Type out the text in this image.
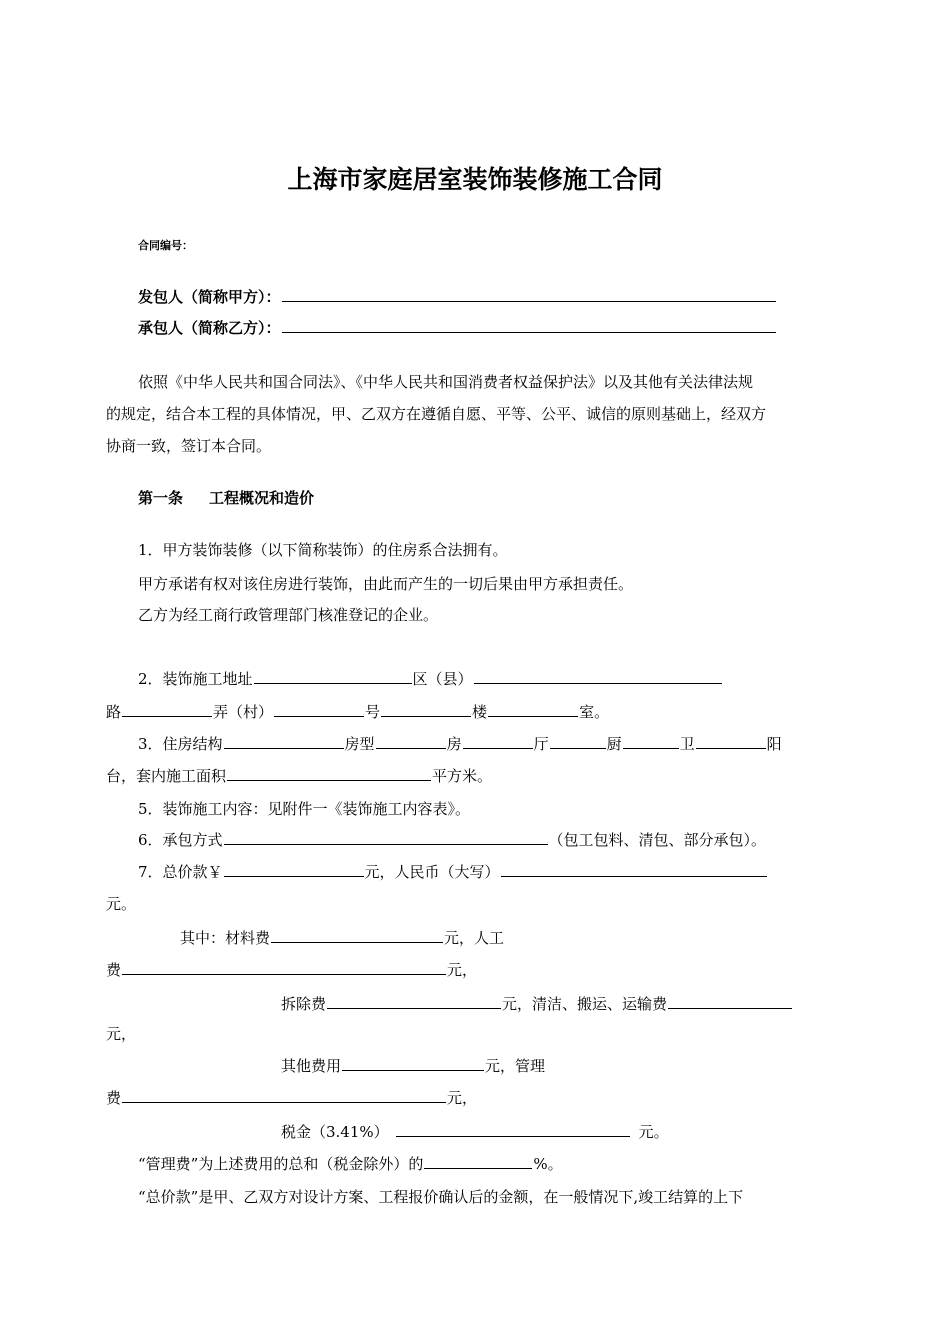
上海市家庭居室装饰装修施工合同
合同编号：
发包人（简称甲方）：
承包人（简称乙方）：
依照《中华人民共和国合同法》、《中华人民共和国消费者权益保护法》以及其他有关法律法规
的规定，结合本工程的具体情况，甲、乙双方在遵循自愿、平等、公平、诚信的原则基础上，经双方
协商一致，签订本合同。
第一条 工程概况和造价
1．甲方装饰装修（以下简称装饰）的住房系合法拥有。
甲方承诺有权对该住房进行装饰，由此而产生的一切后果由甲方承担责任。
乙方为经工商行政管理部门核准登记的企业。
2．装饰施工地址	区（县）
路	弄（村）	号	楼	室。
3．住房结构	房型	房	厅	厨	卫	阳
台，套内施工面积	平方米。
5．装饰施工内容：见附件一《装饰施工内容表》。
6．承包方式	（包工包料、清包、部分承包）。
7．总价款￥	元，人民币（大写）
元。
其中：材料费	元，人工
费	元，
拆除费	元，清洁、搬运、运输费
元，
其他费用	元，管理
费	元，
税金（3.41%）	元。
“管理费”为上述费用的总和（税金除外）的	%。
“总价款”是甲、乙双方对设计方案、工程报价确认后的金额，在一般情况下,竣工结算的上下
